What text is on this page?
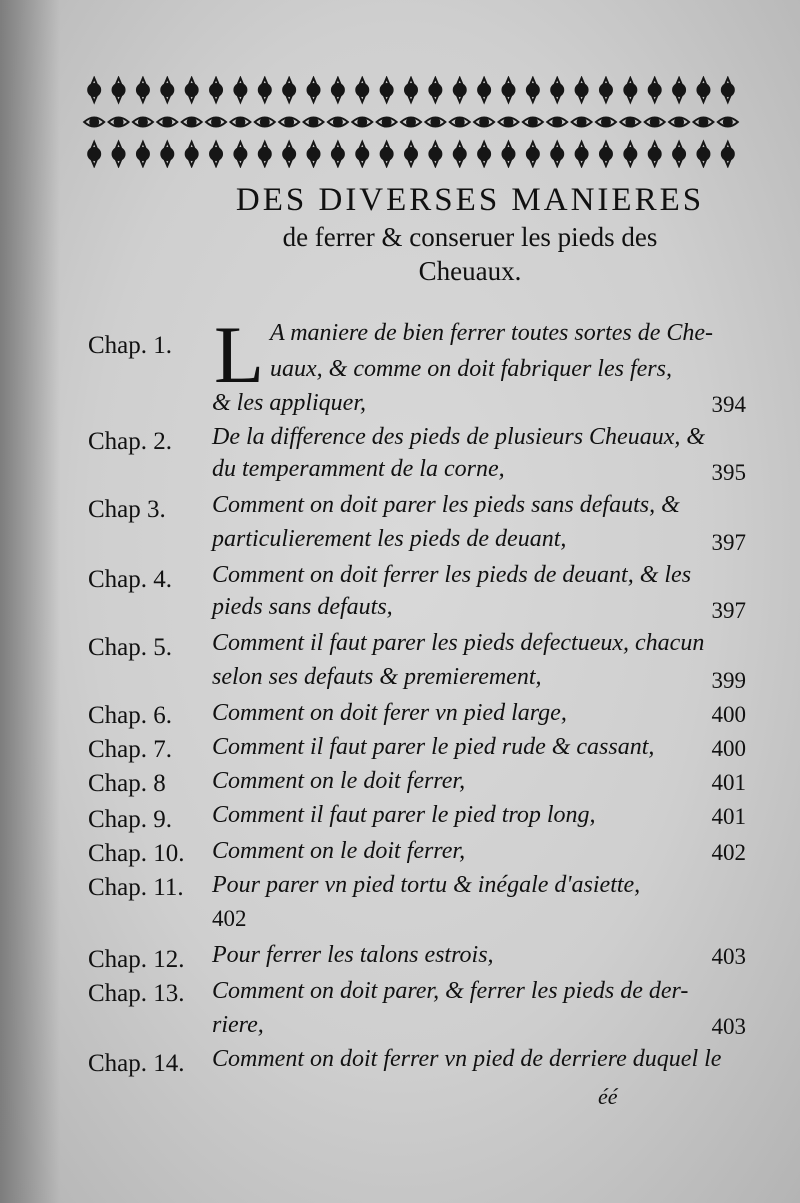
DES DIVERSES MANIERES
de ferrer & conseruer les pieds des
Cheuaux.
L
Chap. 1.	A maniere de bien ferrer toutes sortes de Che-
uaux, & comme on doit fabriquer les fers,
& les appliquer,	394
Chap. 2. De la difference des pieds de plusieurs Cheuaux, &
du temperamment de la corne,	395
Chap 3. Comment on doit parer les pieds sans defauts, &
particulierement les pieds de deuant,	397
Chap. 4. Comment on doit ferrer les pieds de deuant, & les
pieds sans defauts,	397
Chap. 5. Comment il faut parer les pieds defectueux, chacun
selon ses defauts & premierement,	399
Chap. 6. Comment on doit ferer vn pied large,	400
Chap. 7. Comment il faut parer le pied rude & cassant, 400
Chap. 8 Comment on le doit ferrer,	401
Chap. 9. Comment il faut parer le pied trop long,	401
Chap. 10. Comment on le doit ferrer,	402
Chap. 11. Pour parer vn pied tortu & inégale d'asiette,
402
Chap. 12. Pour ferrer les talons estrois,	403
Chap. 13. Comment on doit parer, & ferrer les pieds de der-
riere,	403
Chap. 14. Comment on doit ferrer vn pied de derriere duquel le
éé
